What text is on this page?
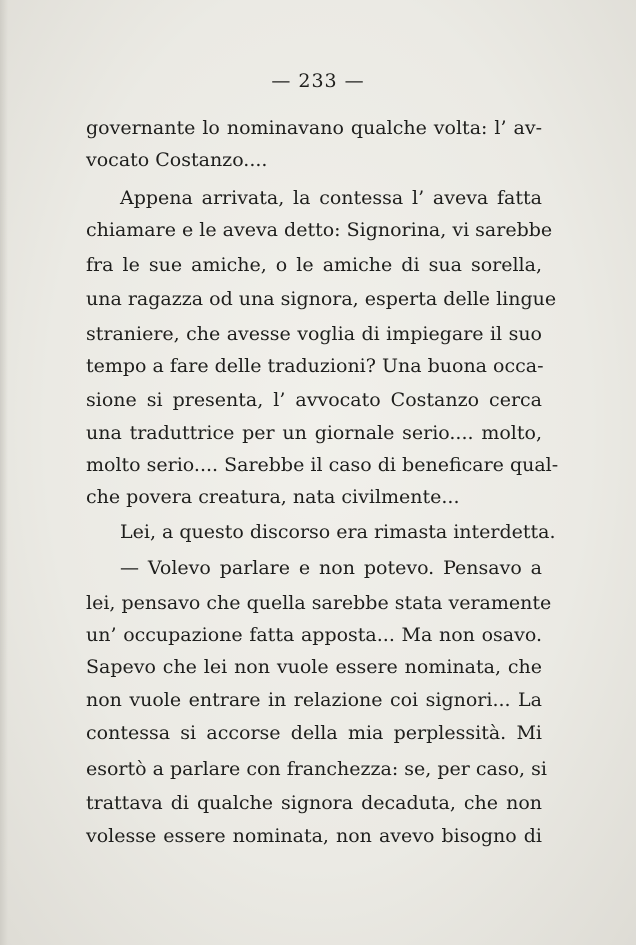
— 233 —
governante lo nominavano qualche volta: l’ av-
vocato Costanzo....
Appena arrivata, la contessa l’ aveva fatta
chiamare e le aveva detto: Signorina, vi sarebbe
fra le sue amiche, o le amiche di sua sorella,
una ragazza od una signora, esperta delle lingue
straniere, che avesse voglia di impiegare il suo
tempo a fare delle traduzioni? Una buona occa-
sione si presenta, l’ avvocato Costanzo cerca
una traduttrice per un giornale serio.... molto,
molto serio.... Sarebbe il caso di beneficare qual-
che povera creatura, nata civilmente...
Lei, a questo discorso era rimasta interdetta.
— Volevo parlare e non potevo. Pensavo a
lei, pensavo che quella sarebbe stata veramente
un’ occupazione fatta apposta... Ma non osavo.
Sapevo che lei non vuole essere nominata, che
non vuole entrare in relazione coi signori... La
contessa si accorse della mia perplessità. Mi
esortò a parlare con franchezza: se, per caso, si
trattava di qualche signora decaduta, che non
volesse essere nominata, non avevo bisogno di
